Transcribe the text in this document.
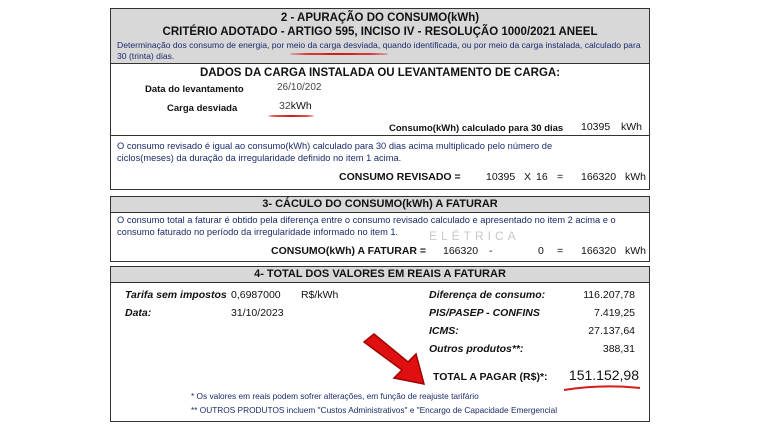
2 - APURAÇÃO DO CONSUMO(kWh)
CRITÉRIO ADOTADO - ARTIGO 595, INCISO IV - RESOLUÇÃO 1000/2021 ANEEL
Determinação dos consumo de energia, por meio da carga desviada, quando identificada, ou por meio da carga instalada, calculado para
30 (trinta) dias.
DADOS DA CARGA INSTALADA OU LEVANTAMENTO DE CARGA:
Data do levantamento	26/10/202
Carga desviada	32kWh
Consumo(kWh) calculado para 30 dias 10395 kWh
O consumo revisado é igual ao consumo(kWh) calculado para 30 dias acima multiplicado pelo número de
ciclos(meses) da duração da irregularidade definido no item 1 acima.
CONSUMO REVISADO = 10395 X 16 = 166320 kWh
3- CÁCULO DO CONSUMO(kWh) A FATURAR
O consumo total a faturar é obtido pela diferença entre o consumo revisado calculado e apresentado no item 2 acima e o
consumo faturado no período da irregularidade informado no item 1.	ELÉTRICA
CONSUMO(kWh) A FATURAR = 166320 -	0 = 166320 kWh
4- TOTAL DOS VALORES EM REAIS A FATURAR
Tarifa sem impostos 0,6987000 R$/kWh
Data:	31/10/2023
Diferença de consumo:	116.207,78
PIS/PASEP - CONFINS	7.419,25
ICMS:	27.137,64
Outros produtos**:	388,31
TOTAL A PAGAR (R$)*: 151.152,98
* Os valores em reais podem sofrer alterações, em função de reajuste tarifário
** OUTROS PRODUTOS incluem "Custos Administrativos" e "Encargo de Capacidade Emergencial
